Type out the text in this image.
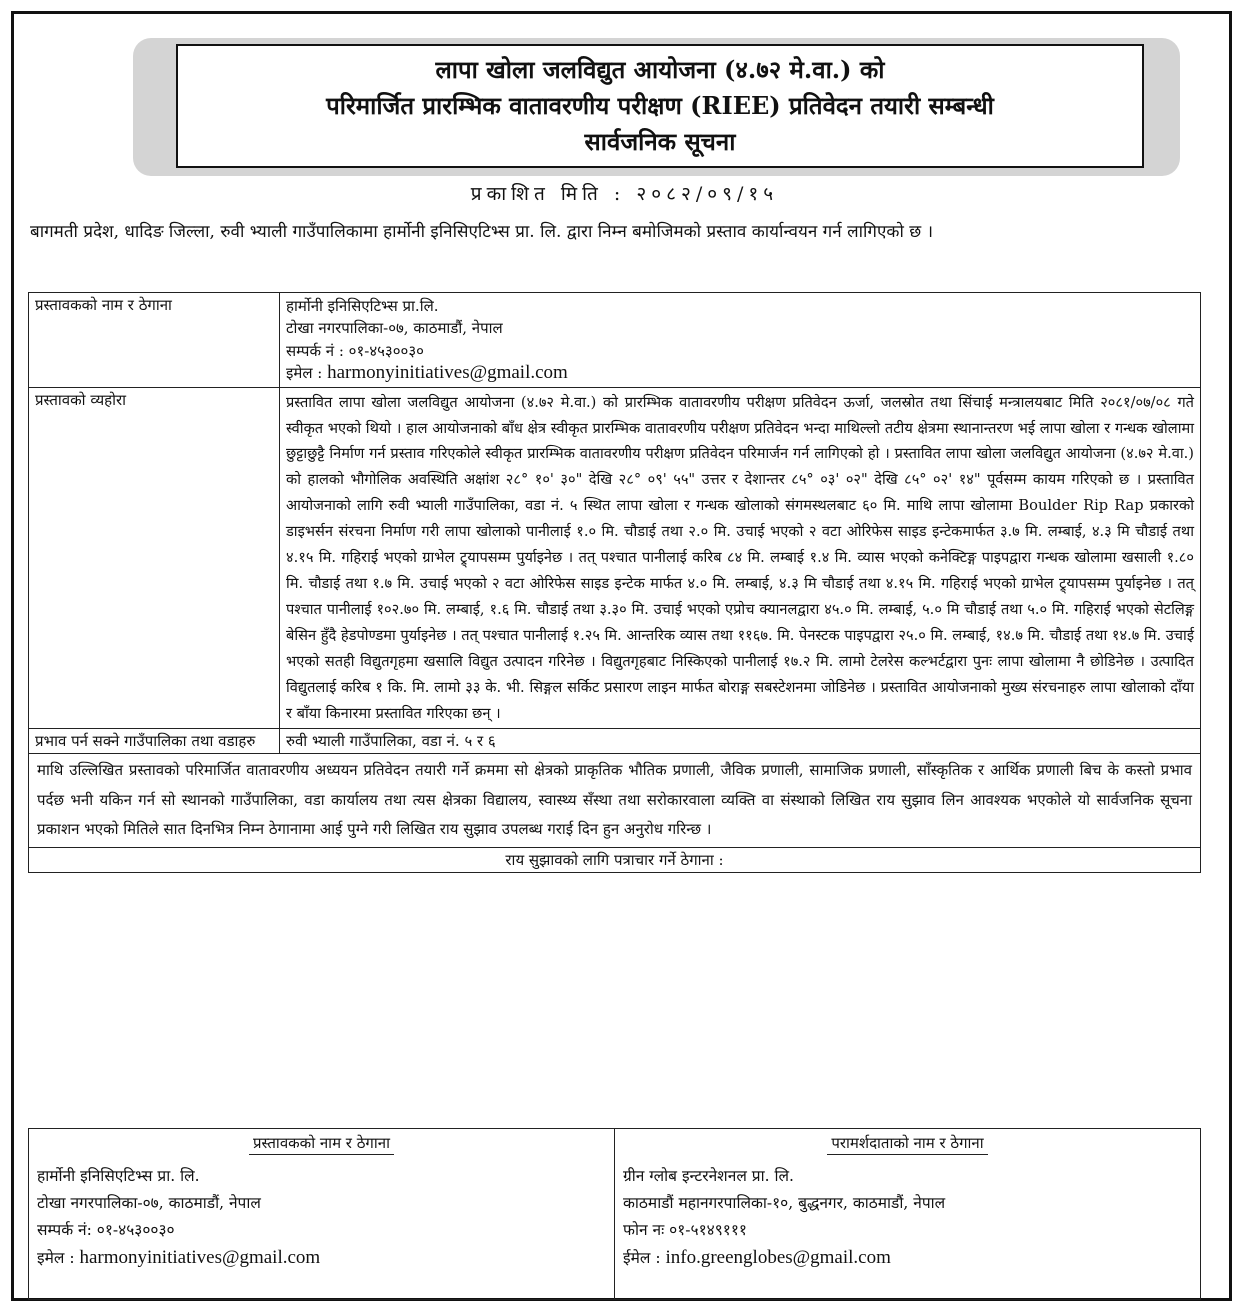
लापा खोला जलविद्युत आयोजना (४.७२ मे.वा.) को
परिमार्जित प्रारम्भिक वातावरणीय परीक्षण (RIEE) प्रतिवेदन तयारी सम्बन्धी
सार्वजनिक सूचना
प्रकाशित मिति : २०८२/०९/१५
बागमती प्रदेश, धादिङ जिल्ला, रुवी भ्याली गाउँपालिकामा हार्मोनी इनिसिएटिभ्स प्रा. लि. द्वारा निम्न बमोजिमको प्रस्ताव कार्यान्वयन गर्न लागिएको छ ।
प्रस्तावकको नाम र ठेगाना	हार्मोनी इनिसिएटिभ्स प्रा.लि.
टोखा नगरपालिका-०७, काठमाडौं, नेपाल
सम्पर्क नं : ०१-४५३००३०
इमेल : harmonyinitiatives@gmail.com

प्रस्तावको व्यहोरा	प्रस्तावित लापा खोला जलविद्युत आयोजना (४.७२ मे.वा.) को प्रारम्भिक वातावरणीय परीक्षण प्रतिवेदन ऊर्जा, जलस्रोत तथा सिंचाई मन्त्रालयबाट मिति २०८१/०७/०८ गते स्वीकृत भएको थियो । हाल आयोजनाको बाँध क्षेत्र स्वीकृत प्रारम्भिक वातावरणीय परीक्षण प्रतिवेदन भन्दा माथिल्लो तटीय क्षेत्रमा स्थानान्तरण भई लापा खोला र गन्धक खोलामा छुट्टाछुट्टै निर्माण गर्न प्रस्ताव गरिएकोले स्वीकृत प्रारम्भिक वातावरणीय परीक्षण प्रतिवेदन परिमार्जन गर्न लागिएको हो । प्रस्तावित लापा खोला जलविद्युत आयोजना (४.७२ मे.वा.) को हालको भौगोलिक अवस्थिति अक्षांश २८° १०' ३०" देखि २८° ०९' ५५" उत्तर र देशान्तर ८५° ०३' ०२" देखि ८५° ०२' १४" पूर्वसम्म कायम गरिएको छ । प्रस्तावित आयोजनाको लागि रुवी भ्याली गाउँपालिका, वडा नं. ५ स्थित लापा खोला र गन्धक खोलाको संगमस्थलबाट ६० मि. माथि लापा खोलामा Boulder Rip Rap प्रकारको डाइभर्सन संरचना निर्माण गरी लापा खोलाको पानीलाई १.० मि. चौडाई तथा २.० मि. उचाई भएको २ वटा ओरिफेस साइड इन्टेकमार्फत ३.७ मि. लम्बाई, ४.३ मि चौडाई तथा ४.१५ मि. गहिराई भएको ग्राभेल ट्र्यापसम्म पुर्याइनेछ । तत् पश्चात पानीलाई करिब ८४ मि. लम्बाई १.४ मि. व्यास भएको कनेक्टिङ्ग पाइपद्वारा गन्धक खोलामा खसाली १.८० मि. चौडाई तथा १.७ मि. उचाई भएको २ वटा ओरिफेस साइड इन्टेक मार्फत ४.० मि. लम्बाई, ४.३ मि चौडाई तथा ४.१५ मि. गहिराई भएको ग्राभेल ट्र्यापसम्म पुर्याइनेछ । तत् पश्चात पानीलाई १०२.७० मि. लम्बाई, १.६ मि. चौडाई तथा ३.३० मि. उचाई भएको एप्रोच क्यानलद्वारा ४५.० मि. लम्बाई, ५.० मि चौडाई तथा ५.० मि. गहिराई भएको सेटलिङ्ग बेसिन हुँदै हेडपोण्डमा पुर्याइनेछ । तत् पश्चात पानीलाई १.२५ मि. आन्तरिक व्यास तथा ११६७. मि. पेनस्टक पाइपद्वारा २५.० मि. लम्बाई, १४.७ मि. चौडाई तथा १४.७ मि. उचाई भएको सतही विद्युतगृहमा खसालि विद्युत उत्पादन गरिनेछ । विद्युतगृहबाट निस्किएको पानीलाई १७.२ मि. लामो टेलरेस कल्भर्टद्वारा पुनः लापा खोलामा नै छोडिनेछ । उत्पादित विद्युतलाई करिब १ कि. मि. लामो ३३ के. भी. सिङ्गल सर्किट प्रसारण लाइन मार्फत बोराङ्ग सबस्टेशनमा जोडिनेछ । प्रस्तावित आयोजनाको मुख्य संरचनाहरु लापा खोलाको दाँया र बाँया किनारमा प्रस्तावित गरिएका छन् ।
प्रभाव पर्न सक्ने गाउँपालिका तथा वडाहरु	रुवी भ्याली गाउँपालिका, वडा नं. ५ र ६
माथि उल्लिखित प्रस्तावको परिमार्जित वातावरणीय अध्ययन प्रतिवेदन तयारी गर्ने क्रममा सो क्षेत्रको प्राकृतिक भौतिक प्रणाली, जैविक प्रणाली, सामाजिक प्रणाली, साँस्कृतिक र आर्थिक प्रणाली बिच के कस्तो प्रभाव पर्दछ भनी यकिन गर्न सो स्थानको गाउँपालिका, वडा कार्यालय तथा त्यस क्षेत्रका विद्यालय, स्वास्थ्य सँस्था तथा सरोकारवाला व्यक्ति वा संस्थाको लिखित राय सुझाव लिन आवश्यक भएकोले यो सार्वजनिक सूचना प्रकाशन भएको मितिले सात दिनभित्र निम्न ठेगानामा आई पुग्ने गरी लिखित राय सुझाव उपलब्ध गराई दिन हुन अनुरोध गरिन्छ ।	
राय सुझावको लागि पत्राचार गर्ने ठेगाना :	
प्रस्तावकको नाम र ठेगाना
हार्मोनी इनिसिएटिभ्स प्रा. लि.
टोखा नगरपालिका-०७, काठमाडौं, नेपाल
सम्पर्क नं: ०१-४५३००३०
इमेल : harmonyinitiatives@gmail.com

परामर्शदाताको नाम र ठेगाना
ग्रीन ग्लोब इन्टरनेशनल प्रा. लि.
काठमाडौं महानगरपालिका-१०, बुद्धनगर, काठमाडौं, नेपाल
फोन नः ०१-५१४९१११
ईमेल : info.greenglobes@gmail.com
